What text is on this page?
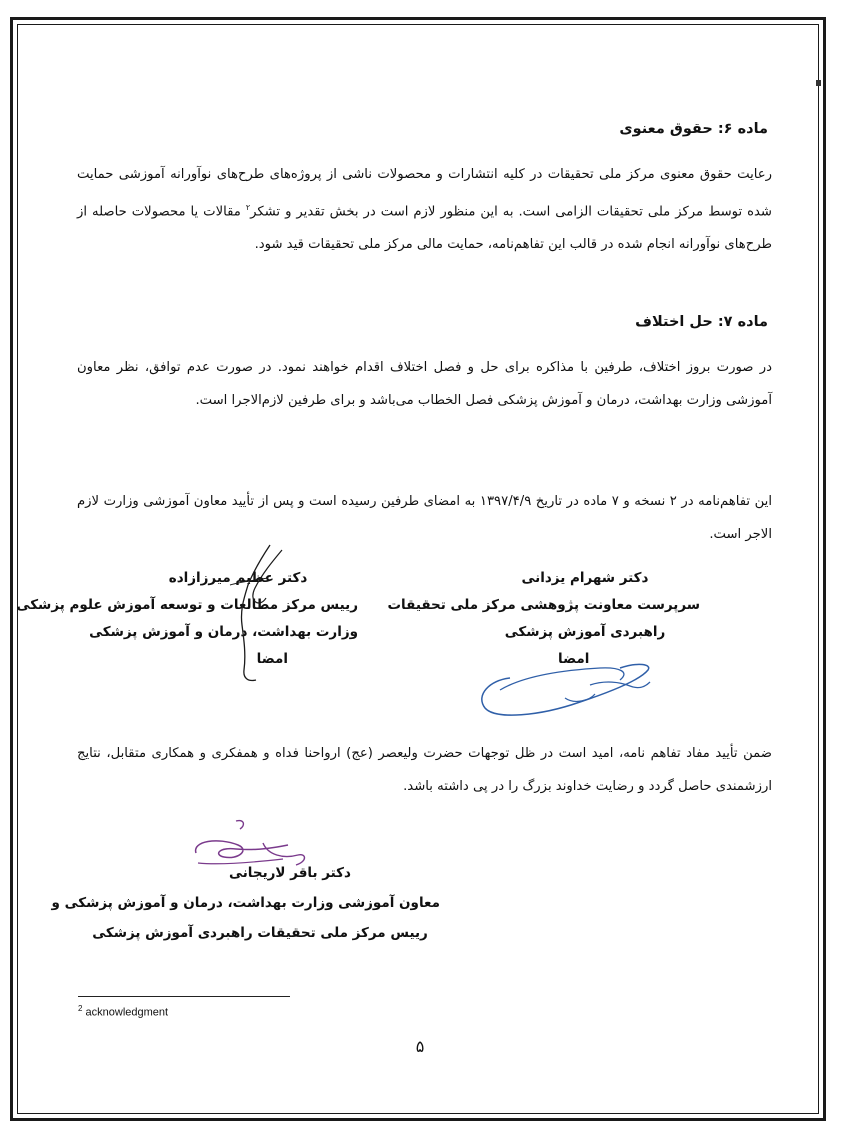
ماده ۶: حقوق معنوی
رعایت حقوق معنوی مرکز ملی تحقیقات در کلیه انتشارات و محصولات ناشی از پروژه‌های طرح‌های نوآورانه آموزشی حمایت شده توسط مرکز ملی تحقیقات الزامی است. به این منظور لازم است در بخش تقدیر و تشکر$^۲$ مقالات یا محصولات حاصله از طرح‌های نوآورانه انجام شده در قالب این تفاهم‌نامه، حمایت مالی مرکز ملی تحقیقات قید شود.
ماده ۷: حل اختلاف
در صورت بروز اختلاف، طرفین با مذاکره برای حل و فصل اختلاف اقدام خواهند نمود. در صورت عدم توافق، نظر معاون آموزشی وزارت بهداشت، درمان و آموزش پزشکی فصل الخطاب می‌باشد و برای طرفین لازم‌الاجرا است.
این تفاهم‌نامه در ۲ نسخه و ۷ ماده در تاریخ ۱۳۹۷/۴/۹ به امضای طرفین رسیده است و پس از تأیید معاون آموزشی وزارت لازم الاجر است.
دکتر شهرام یزدانی
سرپرست معاونت پژوهشی مرکز ملی تحقیقات
راهبردی آموزش پزشکی
امضا
دکتر عظیم میرزازاده
رییس مرکز مطالعات و توسعه آموزش علوم پزشکی
وزارت بهداشت، درمان و آموزش پزشکی
امضا
ضمن تأیید مفاد تفاهم نامه، امید است در ظل توجهات حضرت ولیعصر (عج) ارواحنا فداه و همفکری و همکاری متقابل، نتایج ارزشمندی حاصل گردد و رضایت خداوند بزرگ را در پی داشته باشد.
دکتر باقر لاریجانی
معاون آموزشی وزارت بهداشت، درمان و آموزش پزشکی و
رییس مرکز ملی تحقیقات راهبردی آموزش پزشکی
$^2$ acknowledgment
۵
